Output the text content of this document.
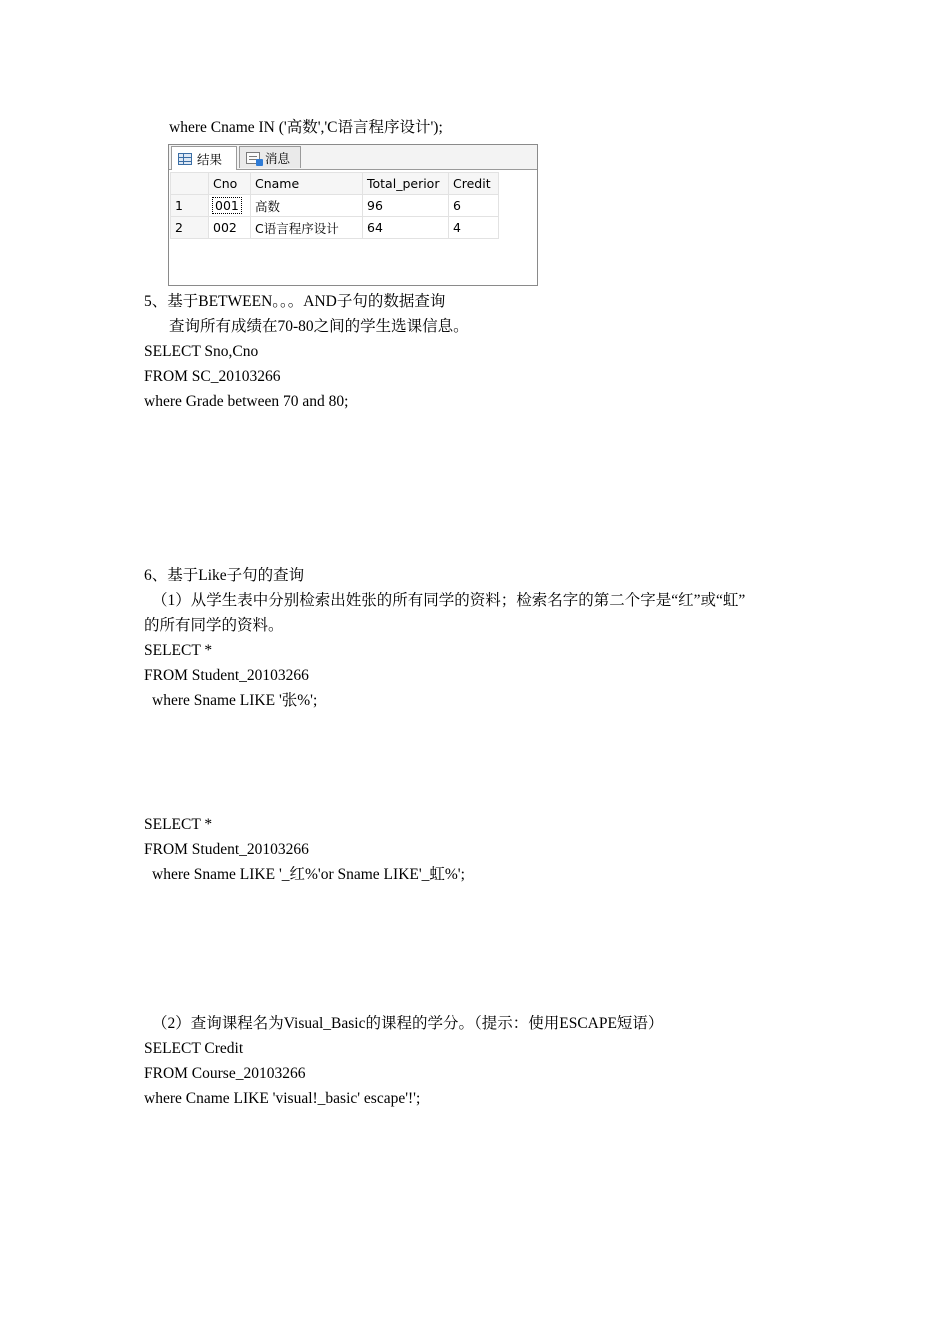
where Cname IN ('高数','C语言程序设计');
结果	消息
	Cno	Cname	Total_perior	Credit
1	001	高数	96	6
2	002	C语言程序设计	64	4
5、基于BETWEEN。。。AND子句的数据查询
查询所有成绩在70-80之间的学生选课信息。
SELECT Sno,Cno
FROM SC_20103266
where Grade between 70 and 80;
6、基于Like子句的查询
（1）从学生表中分别检索出姓张的所有同学的资料；检索名字的第二个字是“红”或“虹”
的所有同学的资料。
SELECT *
FROM Student_20103266
where Sname LIKE '张%';
SELECT *
FROM Student_20103266
where Sname LIKE '_红%'or Sname LIKE'_虹%';
（2）查询课程名为Visual_Basic的课程的学分。（提示：使用ESCAPE短语）
SELECT Credit
FROM Course_20103266
where Cname LIKE 'visual!_basic' escape'!';
